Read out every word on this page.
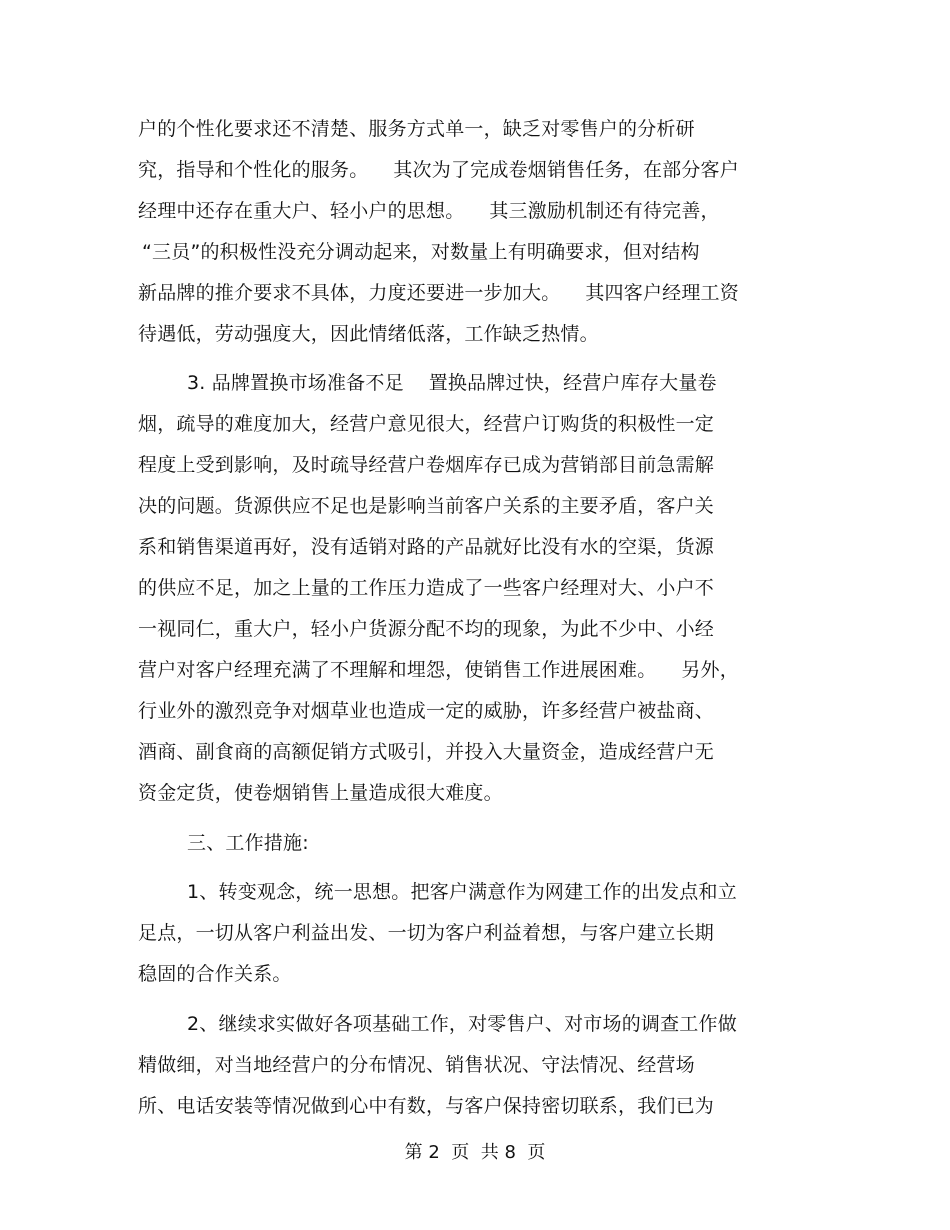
户的个性化要求还不清楚、服务方式单一，缺乏对零售户的分析研
究，指导和个性化的服务。    其次为了完成卷烟销售任务，在部分客户
经理中还存在重大户、轻小户的思想。    其三激励机制还有待完善，
“三员”的积极性没充分调动起来，对数量上有明确要求，但对结构
新品牌的推介要求不具体，力度还要进一步加大。    其四客户经理工资
待遇低，劳动强度大，因此情绪低落，工作缺乏热情。
3. 品牌置换市场准备不足    置换品牌过快，经营户库存大量卷
烟，疏导的难度加大，经营户意见很大，经营户订购货的积极性一定
程度上受到影响，及时疏导经营户卷烟库存已成为营销部目前急需解
决的问题。货源供应不足也是影响当前客户关系的主要矛盾，客户关
系和销售渠道再好，没有适销对路的产品就好比没有水的空渠，货源
的供应不足，加之上量的工作压力造成了一些客户经理对大、小户不
一视同仁，重大户，轻小户货源分配不均的现象，为此不少中、小经
营户对客户经理充满了不理解和埋怨，使销售工作进展困难。    另外，
行业外的激烈竞争对烟草业也造成一定的威胁，许多经营户被盐商、
酒商、副食商的高额促销方式吸引，并投入大量资金，造成经营户无
资金定货，使卷烟销售上量造成很大难度。
三、工作措施:
1、转变观念，统一思想。把客户满意作为网建工作的出发点和立
足点，一切从客户利益出发、一切为客户利益着想，与客户建立长期
稳固的合作关系。
2、继续求实做好各项基础工作，对零售户、对市场的调查工作做
精做细，对当地经营户的分布情况、销售状况、守法情况、经营场
所、电话安装等情况做到心中有数，与客户保持密切联系，我们已为
第 2  页  共 8  页
